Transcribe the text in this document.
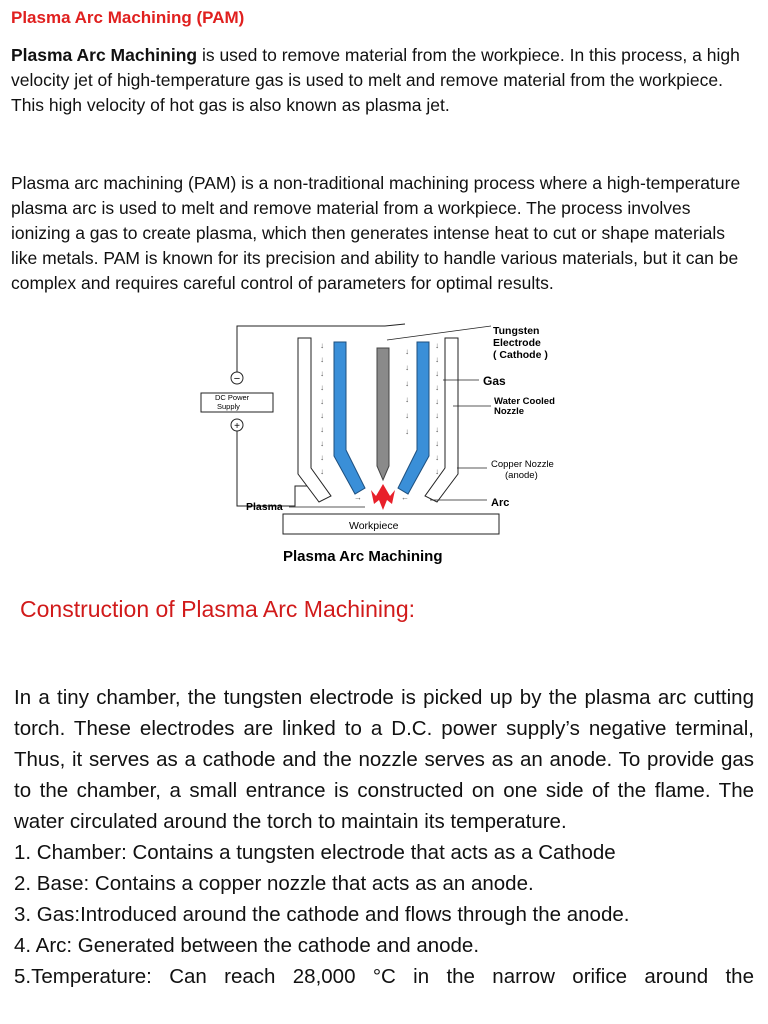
Plasma Arc Machining (PAM)

Plasma Arc Machining is used to remove material from the workpiece. In this process, a high velocity jet of high-temperature gas is used to melt and remove material from the workpiece. This high velocity of hot gas is also known as plasma jet.

Plasma arc machining (PAM) is a non-traditional machining process where a high-temperature plasma arc is used to melt and remove material from a workpiece. The process involves ionizing a gas to create plasma, which then generates intense heat to cut or shape materials like metals. PAM is known for its precision and ability to handle various materials, but it can be complex and requires careful control of parameters for optimal results.

−
DC Power
Supply
+
↓
↓
↓
↓
↓
↓
↓
↓
↓
↓
↓
↓
↓
↓
↓
↓
↓
↓
↓
↓
↓
↓
↓
↓
↓
↓
→	←
Workpiece
Plasma
Tungsten
Electrode
( Cathode )
Gas
Water Cooled
Nozzle
Copper Nozzle
(anode)
Arc
Plasma Arc Machining
Construction of Plasma Arc Machining:

In a tiny chamber, the tungsten electrode is picked up by the plasma arc cutting torch. These electrodes are linked to a D.C. power supply’s negative terminal, Thus, it serves as a cathode and the nozzle serves as an anode. To provide gas to the chamber, a small entrance is constructed on one side of the flame. The water circulated around the torch to maintain its temperature.

1. Chamber: Contains a tungsten electrode that acts as a Cathode

2. Base: Contains a copper nozzle that acts as an anode.

3. Gas:Introduced around the cathode and flows through the anode.

4. Arc: Generated between the cathode and anode.

5.Temperature: Can reach 28,000 °C in the narrow orifice around the
